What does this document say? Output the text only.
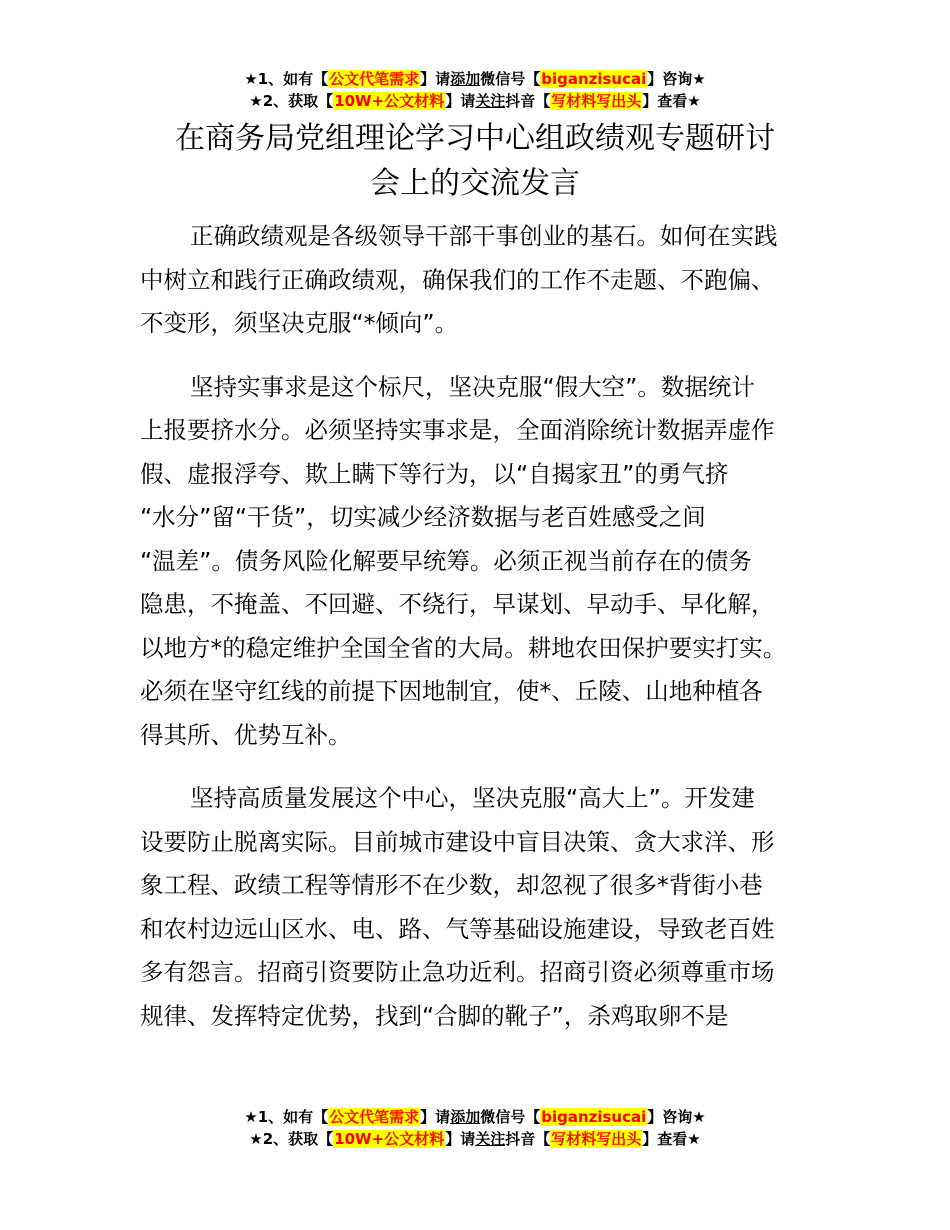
★1、如有【公文代笔需求】请添加微信号【biganzisucai】咨询★
★2、获取【10W+公文材料】请关注抖音【写材料写出头】查看★
在商务局党组理论学习中心组政绩观专题研讨
会上的交流发言

正确政绩观是各级领导干部干事创业的基石。如何在实践
中树立和践行正确政绩观，确保我们的工作不走题、不跑偏、
不变形，须坚决克服“*倾向”。

坚持实事求是这个标尺，坚决克服“假大空”。数据统计
上报要挤水分。必须坚持实事求是，全面消除统计数据弄虚作
假、虚报浮夸、欺上瞒下等行为，以“自揭家丑”的勇气挤
“水分”留“干货”，切实减少经济数据与老百姓感受之间
“温差”。债务风险化解要早统筹。必须正视当前存在的债务
隐患，不掩盖、不回避、不绕行，早谋划、早动手、早化解，
以地方*的稳定维护全国全省的大局。耕地农田保护要实打实。
必须在坚守红线的前提下因地制宜，使*、丘陵、山地种植各
得其所、优势互补。

坚持高质量发展这个中心，坚决克服“高大上”。开发建
设要防止脱离实际。目前城市建设中盲目决策、贪大求洋、形
象工程、政绩工程等情形不在少数，却忽视了很多*背街小巷
和农村边远山区水、电、路、气等基础设施建设，导致老百姓
多有怨言。招商引资要防止急功近利。招商引资必须尊重市场
规律、发挥特定优势，找到“合脚的靴子”，杀鸡取卵不是

★1、如有【公文代笔需求】请添加微信号【biganzisucai】咨询★
★2、获取【10W+公文材料】请关注抖音【写材料写出头】查看★
